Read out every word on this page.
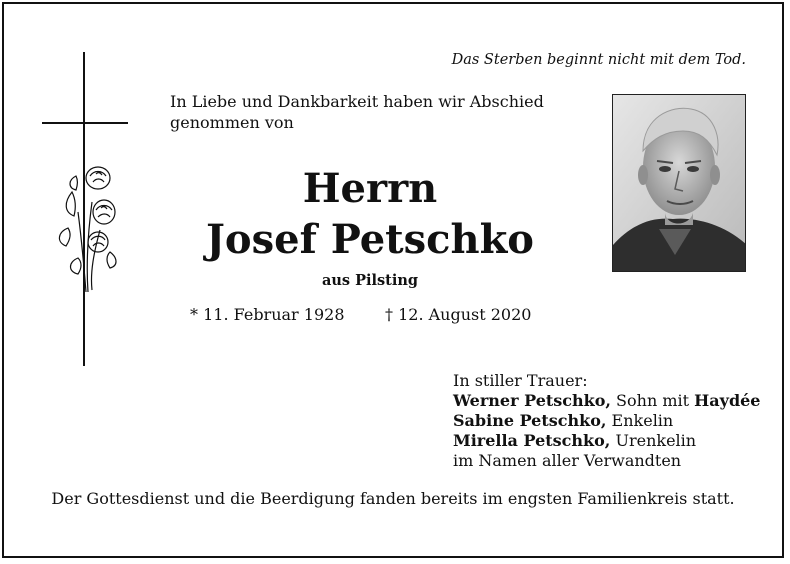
Das Sterben beginnt nicht mit dem Tod.
In Liebe und Dankbarkeit haben wir Abschied
genommen von
Herrn
Josef Petschko
aus Pilsting
* 11. Februar 1928	† 12. August 2020
In stiller Trauer:
Werner Petschko, Sohn mit Haydée
Sabine Petschko, Enkelin
Mirella Petschko, Urenkelin
im Namen aller Verwandten
Der Gottesdienst und die Beerdigung fanden bereits im engsten Familienkreis statt.
